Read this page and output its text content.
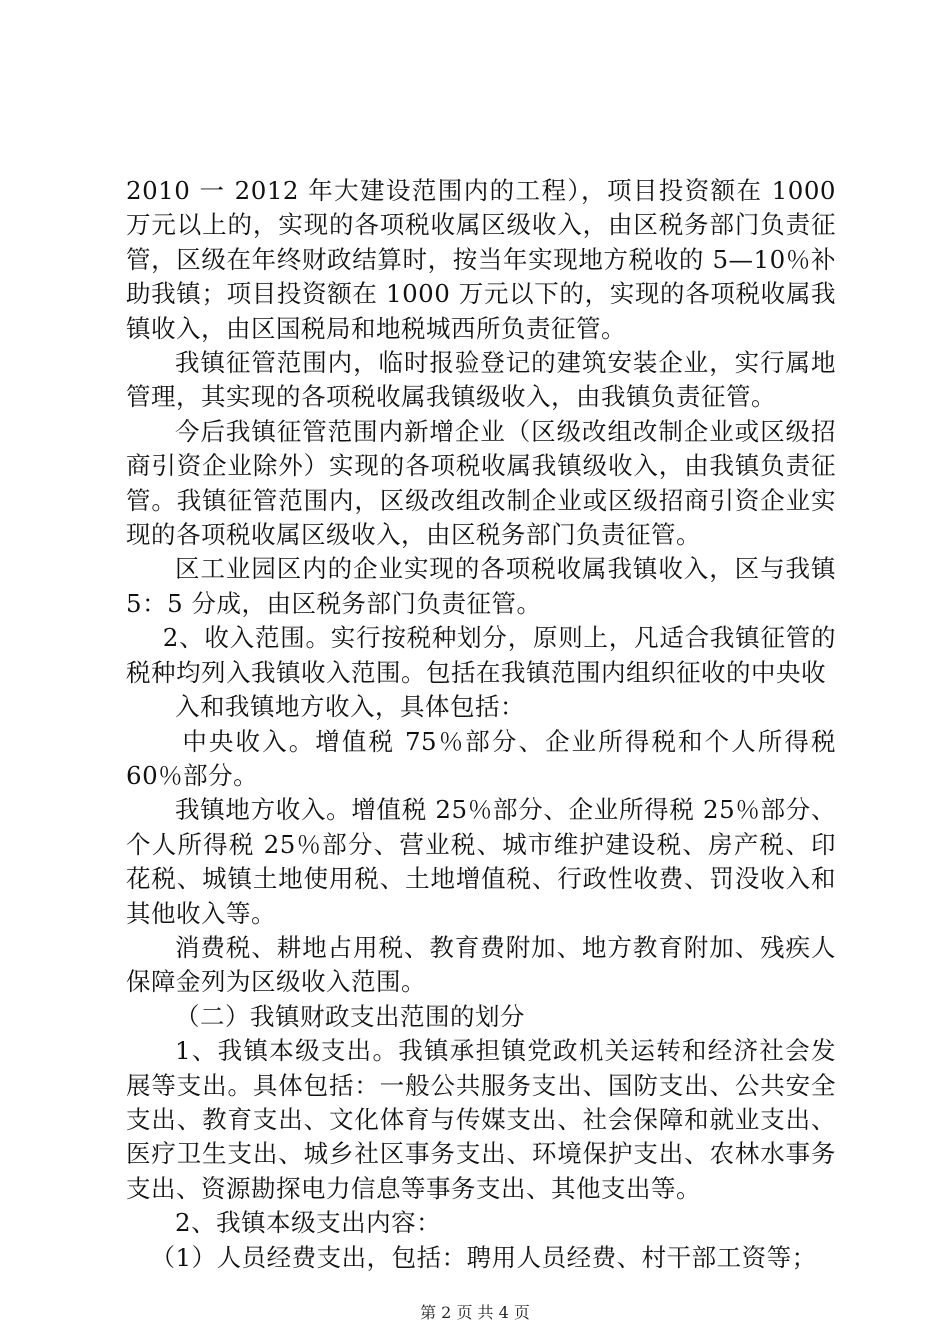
2010 一 2012 年大建设范围内的工程），项目投资额在 1000 万元以上的，实现的各项税收属区级收入，由区税务部门负责征管，区级在年终财政结算时，按当年实现地方税收的 5—10％补助我镇；项目投资额在 1000 万元以下的，实现的各项税收属我镇收入，由区国税局和地税城西所负责征管。

我镇征管范围内，临时报验登记的建筑安装企业，实行属地管理，其实现的各项税收属我镇级收入，由我镇负责征管。

今后我镇征管范围内新增企业（区级改组改制企业或区级招商引资企业除外）实现的各项税收属我镇级收入，由我镇负责征管。我镇征管范围内，区级改组改制企业或区级招商引资企业实现的各项税收属区级收入，由区税务部门负责征管。

区工业园区内的企业实现的各项税收属我镇收入，区与我镇 5：5 分成，由区税务部门负责征管。

2、收入范围。实行按税种划分，原则上，凡适合我镇征管的税种均列入我镇收入范围。包括在我镇范围内组织征收的中央收

入和我镇地方收入，具体包括：

中央收入。增值税 75％部分、企业所得税和个人所得税 60％部分。

我镇地方收入。增值税 25％部分、企业所得税 25％部分、个人所得税 25％部分、营业税、城市维护建设税、房产税、印花税、城镇土地使用税、土地增值税、行政性收费、罚没收入和其他收入等。

消费税、耕地占用税、教育费附加、地方教育附加、残疾人保障金列为区级收入范围。

（二）我镇财政支出范围的划分

1、我镇本级支出。我镇承担镇党政机关运转和经济社会发展等支出。具体包括：一般公共服务支出、国防支出、公共安全支出、教育支出、文化体育与传媒支出、社会保障和就业支出、医疗卫生支出、城乡社区事务支出、环境保护支出、农林水事务支出、资源勘探电力信息等事务支出、其他支出等。

2、我镇本级支出内容：

（1）人员经费支出，包括：聘用人员经费、村干部工资等；

第 2 页 共 4 页
